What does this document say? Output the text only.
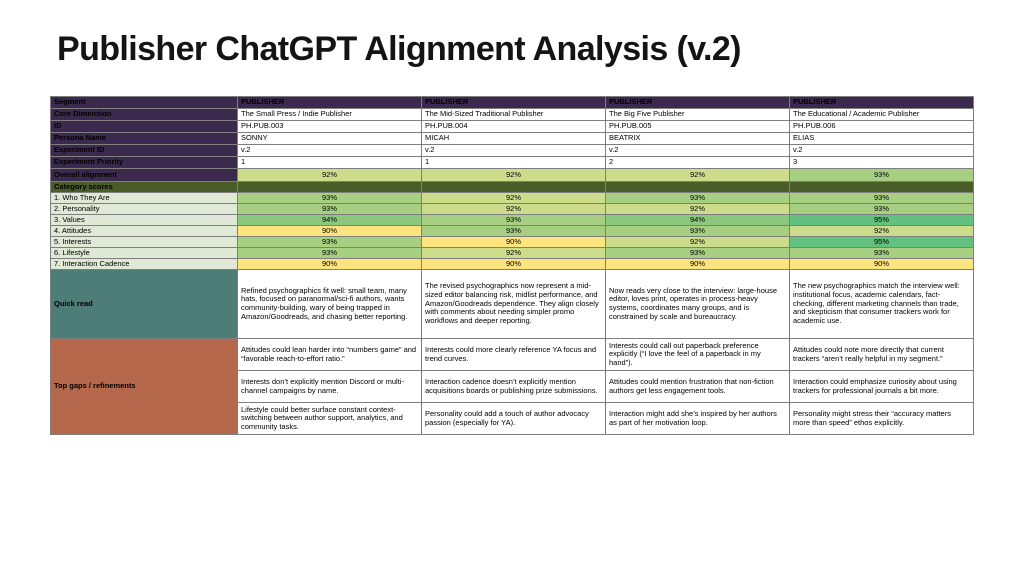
Publisher ChatGPT Alignment Analysis (v.2)
Segment	PUBLISHER	PUBLISHER	PUBLISHER	PUBLISHER
Core Dimension	The Small Press / Indie Publisher	The Mid-Sized Traditional Publisher	The Big Five Publisher	The Educational / Academic Publisher
ID	PH.PUB.003	PH.PUB.004	PH.PUB.005	PH.PUB.006
Persona Name	SONNY	MICAH	BEATRIX	ELIAS
Experiment ID	v.2	v.2	v.2	v.2
Experiment Priority	1	1	2	3
Overall alignment	92%	92%	92%	93%
Category scores				
1. Who They Are	93%	92%	93%	93%
2. Personality	93%	92%	92%	93%
3. Values	94%	93%	94%	95%
4. Attitudes	90%	93%	93%	92%
5. Interests	93%	90%	92%	95%
6. Lifestyle	93%	92%	93%	93%
7. Interaction Cadence	90%	90%	90%	90%
Quick read	Refined psychographics fit well: small team, many hats, focused on paranormal/sci-fi authors, wants community-building, wary of being trapped in Amazon/Goodreads, and chasing better reporting.	The revised psychographics now represent a mid-sized editor balancing risk, midlist performance, and Amazon/Goodreads dependence. They align closely with comments about needing simpler promo workflows and deeper reporting.	Now reads very close to the interview: large-house editor, loves print, operates in process-heavy systems, coordinates many groups, and is constrained by scale and bureaucracy.	The new psychographics match the interview well: institutional focus, academic calendars, fact-checking, different marketing channels than trade, and skepticism that consumer trackers work for academic use.
Top gaps / refinements	Attitudes could lean harder into “numbers game” and “favorable reach-to-effort ratio.”	Interests could more clearly reference YA focus and trend curves.	Interests could call out paperback preference explicitly (“I love the feel of a paperback in my hand”).	Attitudes could note more directly that current trackers “aren’t really helpful in my segment.”
	Interests don’t explicitly mention Discord or multi-channel campaigns by name.	Interaction cadence doesn’t explicitly mention acquisitions boards or publishing prize submissions.	Attitudes could mention frustration that non-fiction authors get less engagement tools.	Interaction could emphasize curiosity about using trackers for professional journals a bit more.
	Lifestyle could better surface constant context-switching between author support, analytics, and community tasks.	Personality could add a touch of author advocacy passion (especially for YA).	Interaction might add she’s inspired by her authors as part of her motivation loop.	Personality might stress their “accuracy matters more than speed” ethos explicitly.
